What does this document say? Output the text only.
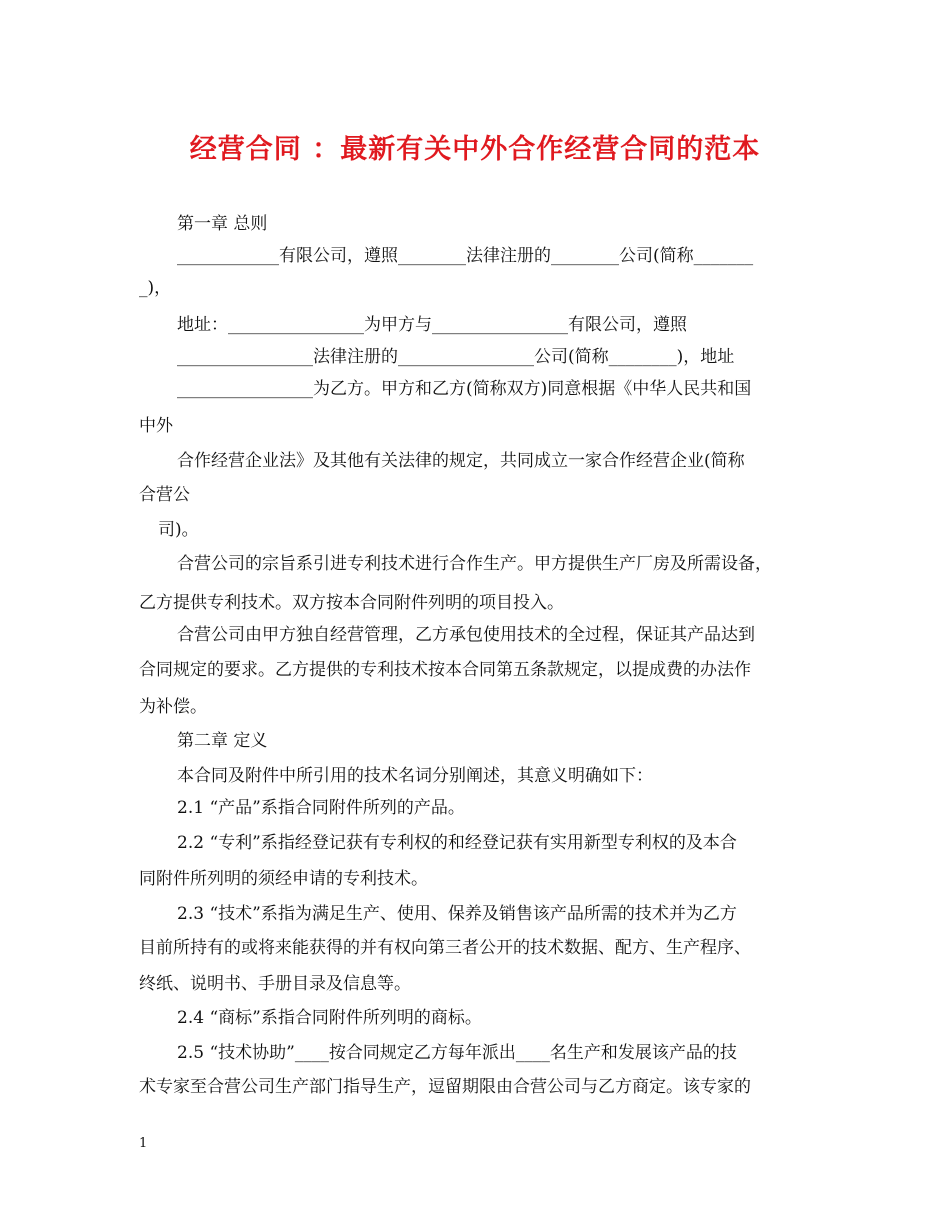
经营合同 ：最新有关中外合作经营合同的范本
第一章 总则
____________有限公司，遵照________法律注册的________公司(简称_______
_)，
地址：________________为甲方与________________有限公司，遵照
________________法律注册的________________公司(简称________)，地址
________________为乙方。甲方和乙方(简称双方)同意根据《中华人民共和国
中外
合作经营企业法》及其他有关法律的规定，共同成立一家合作经营企业(简称
合营公
司)。
合营公司的宗旨系引进专利技术进行合作生产。甲方提供生产厂房及所需设备，
乙方提供专利技术。双方按本合同附件列明的项目投入。
合营公司由甲方独自经营管理，乙方承包使用技术的全过程，保证其产品达到
合同规定的要求。乙方提供的专利技术按本合同第五条款规定，以提成费的办法作
为补偿。
第二章 定义
本合同及附件中所引用的技术名词分别阐述，其意义明确如下：
2.1 “产品”系指合同附件所列的产品。
2.2 “专利”系指经登记获有专利权的和经登记获有实用新型专利权的及本合
同附件所列明的须经申请的专利技术。
2.3 “技术”系指为满足生产、使用、保养及销售该产品所需的技术并为乙方
目前所持有的或将来能获得的并有权向第三者公开的技术数据、配方、生产程序、
终纸、说明书、手册目录及信息等。
2.4 “商标”系指合同附件所列明的商标。
2.5 “技术协助”____按合同规定乙方每年派出____名生产和发展该产品的技
术专家至合营公司生产部门指导生产，逗留期限由合营公司与乙方商定。该专家的
1
